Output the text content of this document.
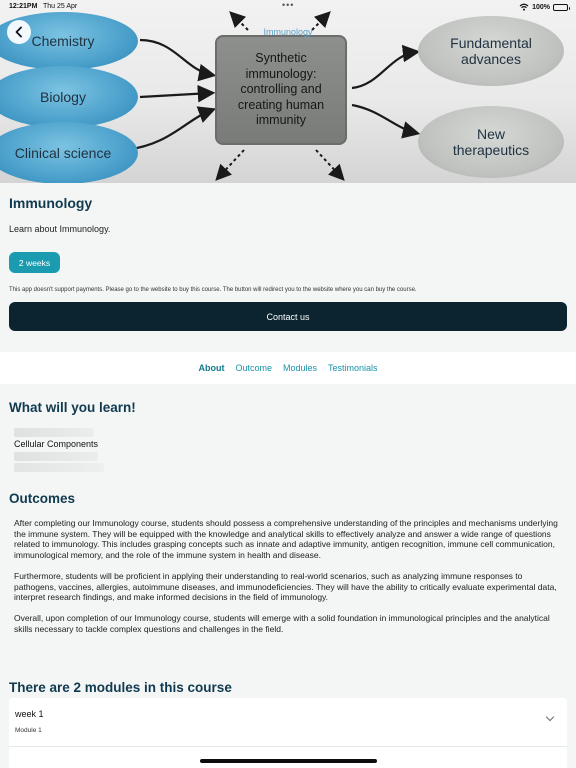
Chemistry
Biology
Clinical science
Synthetic immunology: controlling and creating human immunity
Fundamental advances
New therapeutics
Immunology
12:21PM Thu 25 Apr	•••	100%
Immunology
Learn about Immunology.
2 weeks
This app doesn't support payments. Please go to the website to buy this course. The button will redirect you to the website where you can buy the course.
Contact us
About Outcome Modules Testimonials
What will you learn!
Cellular Components
Outcomes

After completing our Immunology course, students should possess a comprehensive understanding of the principles and mechanisms underlying the immune system. They will be equipped with the knowledge and analytical skills to effectively analyze and answer a wide range of questions related to immunology. This includes grasping concepts such as innate and adaptive immunity, antigen recognition, immune cell communication, immunological memory, and the role of the immune system in health and disease.

Furthermore, students will be proficient in applying their understanding to real-world scenarios, such as analyzing immune responses to pathogens, vaccines, allergies, autoimmune diseases, and immunodeficiencies. They will have the ability to critically evaluate experimental data, interpret research findings, and make informed decisions in the field of immunology.

Overall, upon completion of our Immunology course, students will emerge with a solid foundation in immunological principles and the analytical skills necessary to tackle complex questions and challenges in the field.

There are 2 modules in this course
week 1
Module 1
